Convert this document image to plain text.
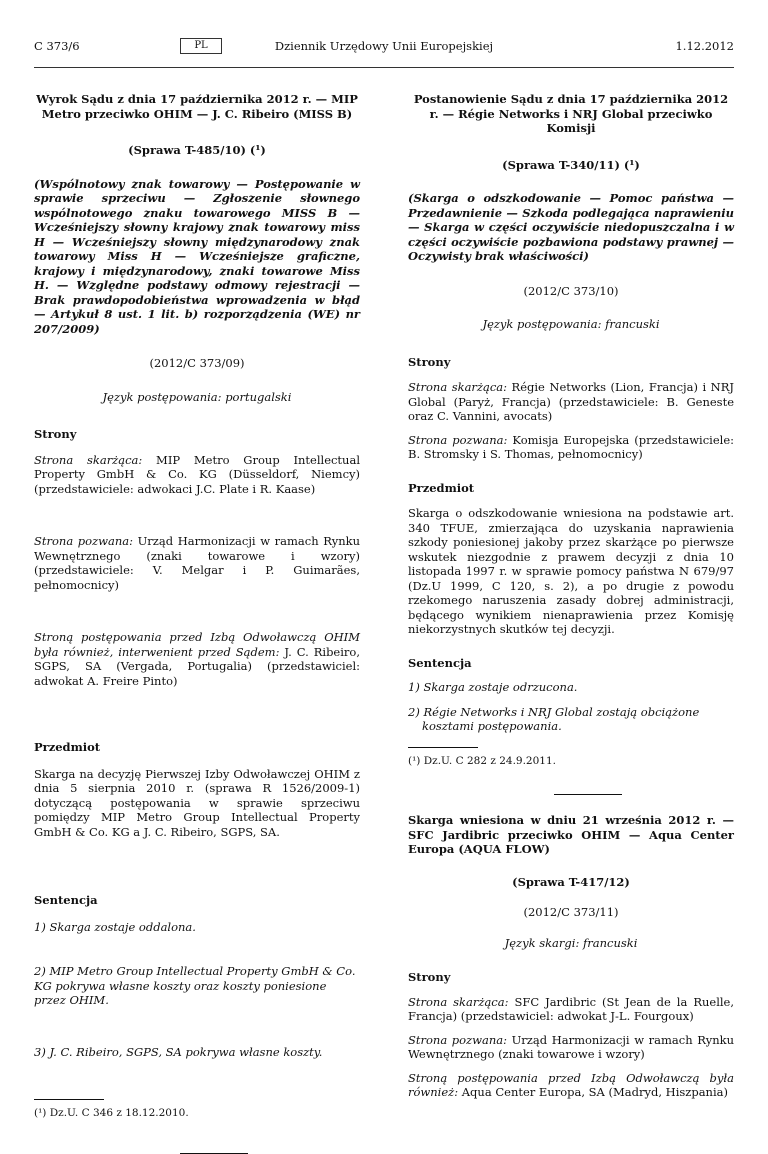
C 373/6	PL	Dziennik Urzędowy Unii Europejskiej	1.12.2012

Wyrok Sądu z dnia 17 października 2012 r. — MIP Metro przeciwko OHIM — J. C. Ribeiro (MISS B)

(Sprawa T-485/10) (¹)

(Wspólnotowy znak towarowy — Postępowanie w sprawie sprzeciwu — Zgłoszenie słownego wspólnotowego znaku towarowego MISS B — Wcześniejszy słowny krajowy znak towarowy miss H — Wcześniejszy słowny międzynarodowy znak towarowy Miss H — Wcześniejsze graficzne, krajowy i międzynarodowy, znaki towarowe Miss H. — Względne podstawy odmowy rejestracji — Brak prawdopodobieństwa wprowadzenia w błąd — Artykuł 8 ust. 1 lit. b) rozporządzenia (WE) nr 207/2009)

(2012/C 373/09)

Język postępowania: portugalski

Strony

Strona skarżąca: MIP Metro Group Intellectual Property GmbH & Co. KG (Düsseldorf, Niemcy) (przedstawiciele: adwokaci J.C. Plate i R. Kaase)

Strona pozwana: Urząd Harmonizacji w ramach Rynku Wewnętrznego (znaki towarowe i wzory) (przedstawiciele: V. Melgar i P. Guimarães, pełnomocnicy)

Stroną postępowania przed Izbą Odwoławczą OHIM była również, interwenient przed Sądem: J. C. Ribeiro, SGPS, SA (Vergada, Portugalia) (przedstawiciel: adwokat A. Freire Pinto)

Przedmiot

Skarga na decyzję Pierwszej Izby Odwoławczej OHIM z dnia 5 sierpnia 2010 r. (sprawa R 1526/2009-1) dotyczącą postępowania w sprawie sprzeciwu pomiędzy MIP Metro Group Intellectual Property GmbH & Co. KG a J. C. Ribeiro, SGPS, SA.

Sentencja

1) Skarga zostaje oddalona.

2) MIP Metro Group Intellectual Property GmbH & Co. KG pokrywa własne koszty oraz koszty poniesione przez OHIM.

3) J. C. Ribeiro, SGPS, SA pokrywa własne koszty.

(¹) Dz.U. C 346 z 18.12.2010.

Postanowienie Sądu z dnia 17 października 2012 r. — Régie Networks i NRJ Global przeciwko Komisji

(Sprawa T-340/11) (¹)

(Skarga o odszkodowanie — Pomoc państwa — Przedawnienie — Szkoda podlegająca naprawieniu — Skarga w części oczywiście niedopuszczalna i w części oczywiście pozbawiona podstawy prawnej — Oczywisty brak właściwości)

(2012/C 373/10)

Język postępowania: francuski

Strony

Strona skarżąca: Régie Networks (Lion, Francja) i NRJ Global (Paryż, Francja) (przedstawiciele: B. Geneste oraz C. Vannini, avocats)

Strona pozwana: Komisja Europejska (przedstawiciele: B. Stromsky i S. Thomas, pełnomocnicy)

Przedmiot

Skarga o odszkodowanie wniesiona na podstawie art. 340 TFUE, zmierzająca do uzyskania naprawienia szkody poniesionej jakoby przez skarżące po pierwsze wskutek niezgodnie z prawem decyzji z dnia 10 listopada 1997 r. w sprawie pomocy państwa N 679/97 (Dz.U 1999, C 120, s. 2), a po drugie z powodu rzekomego naruszenia zasady dobrej administracji, będącego wynikiem nienaprawienia przez Komisję niekorzystnych skutków tej decyzji.

Sentencja

1) Skarga zostaje odrzucona.

2) Régie Networks i NRJ Global zostają obciążone kosztami postępowania.

(¹) Dz.U. C 282 z 24.9.2011.

Skarga wniesiona w dniu 21 września 2012 r. — SFC Jardibric przeciwko OHIM — Aqua Center Europa (AQUA FLOW)

(Sprawa T-417/12)

(2012/C 373/11)

Język skargi: francuski

Strony

Strona skarżąca: SFC Jardibric (St Jean de la Ruelle, Francja) (przedstawiciel: adwokat J-L. Fourgoux)

Strona pozwana: Urząd Harmonizacji w ramach Rynku Wewnętrznego (znaki towarowe i wzory)

Stroną postępowania przed Izbą Odwoławczą była również: Aqua Center Europa, SA (Madryd, Hiszpania)
